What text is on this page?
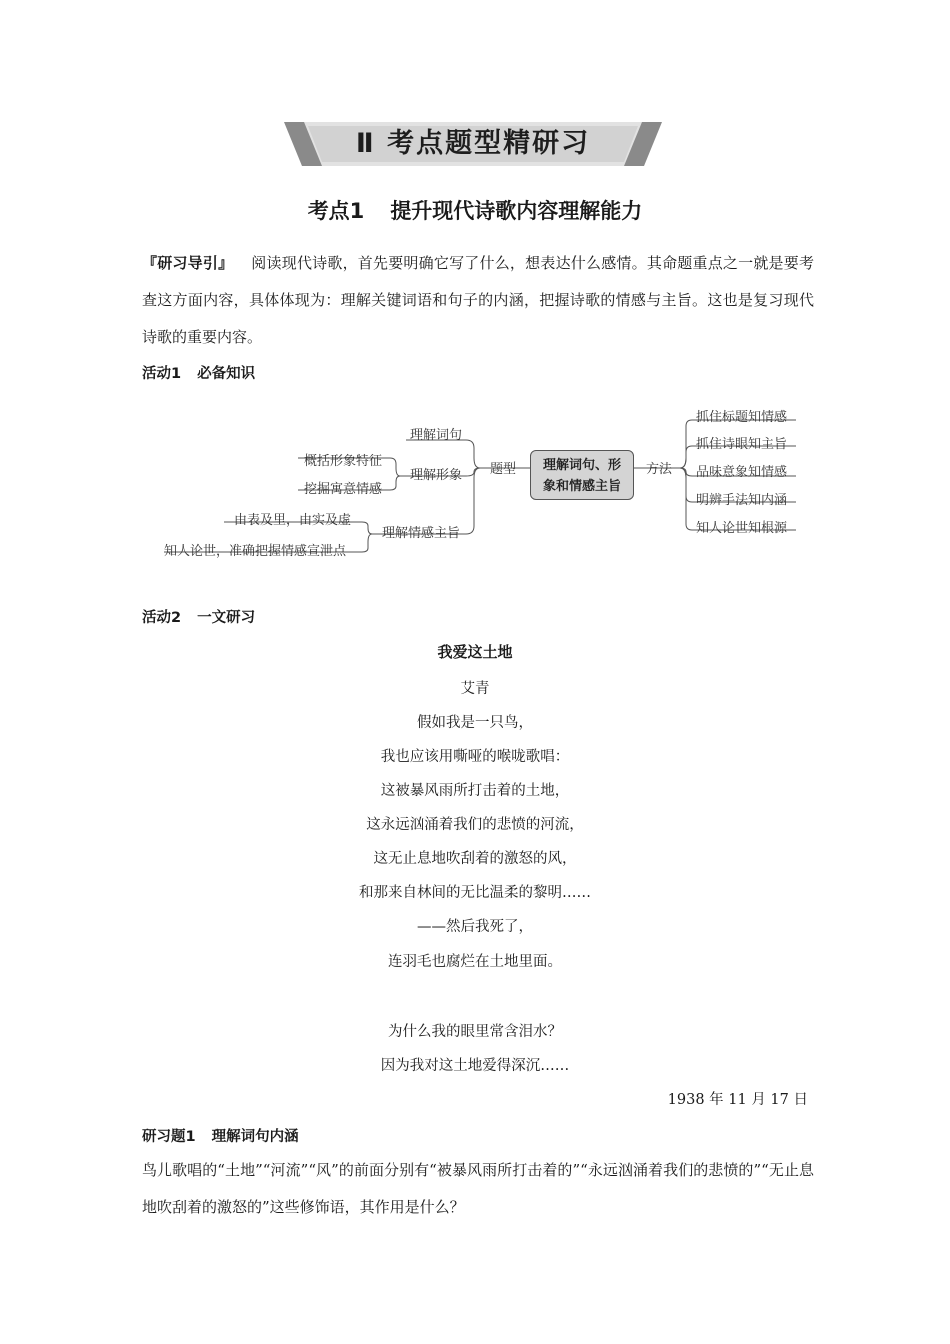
Ⅱ 考点题型精研习
考点1 提升现代诗歌内容理解能力
『研习导引』 阅读现代诗歌，首先要明确它写了什么，想表达什么感情。其命题重点之一就是要考查这方面内容，具体体现为：理解关键词语和句子的内涵，把握诗歌的情感与主旨。这也是复习现代诗歌的重要内容。
活动1 必备知识
理解词句、形
象和情感主旨
题型	方法
理解词句
理解形象
理解情感主旨
概括形象特征
挖掘寓意情感
由表及里，由实及虚
知人论世，准确把握情感宣泄点
抓住标题知情感
抓住诗眼知主旨
品味意象知情感
明辨手法知内涵
知人论世知根源
活动2 一文研习
我爱这土地
艾青
假如我是一只鸟，
我也应该用嘶哑的喉咙歌唱：
这被暴风雨所打击着的土地，
这永远汹涌着我们的悲愤的河流，
这无止息地吹刮着的激怒的风，
和那来自林间的无比温柔的黎明……
——然后我死了，
连羽毛也腐烂在土地里面。
为什么我的眼里常含泪水？
因为我对这土地爱得深沉……
1938 年 11 月 17 日
研习题1 理解词句内涵
鸟儿歌唱的“土地”“河流”“风”的前面分别有“被暴风雨所打击着的”“永远汹涌着我们的悲愤的”“无止息地吹刮着的激怒的”这些修饰语，其作用是什么？
